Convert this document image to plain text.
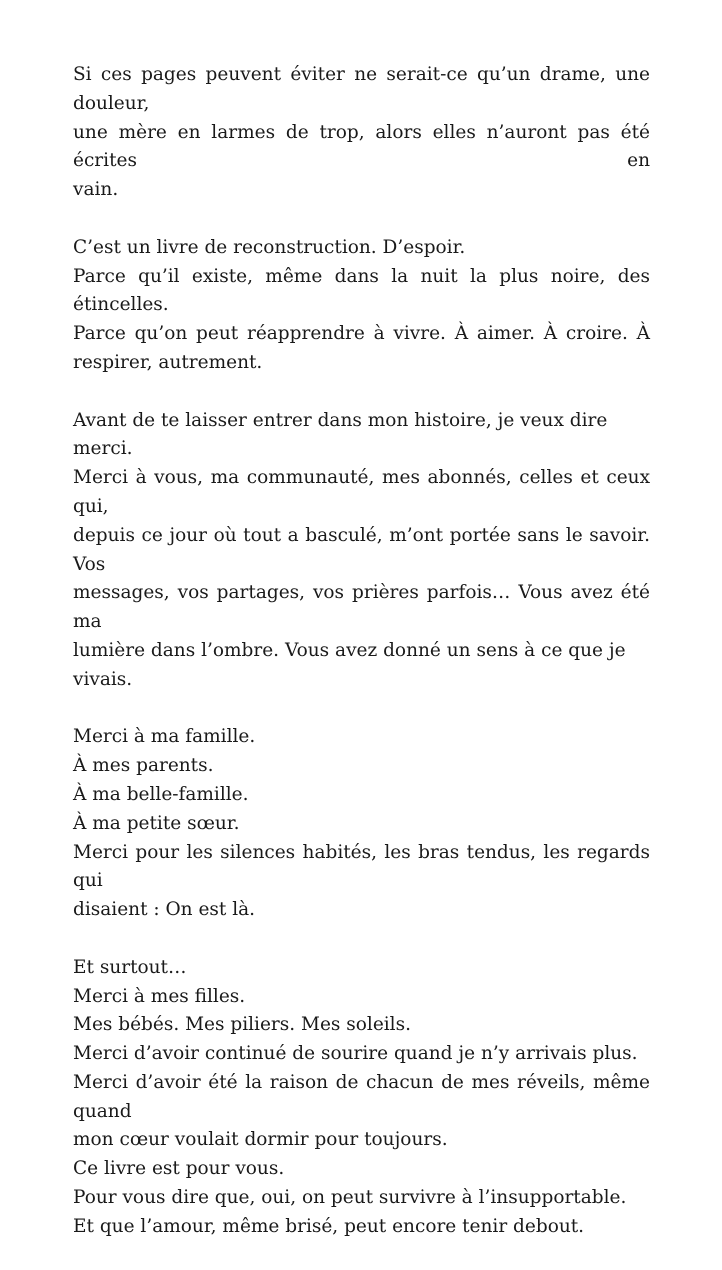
Si ces pages peuvent éviter ne serait-ce qu’un drame, une douleur,
une mère en larmes de trop, alors elles n’auront pas été écrites en
vain.
C’est un livre de reconstruction. D’espoir.
Parce qu’il existe, même dans la nuit la plus noire, des étincelles.
Parce qu’on peut réapprendre à vivre. À aimer. À croire. À
respirer, autrement.
Avant de te laisser entrer dans mon histoire, je veux dire merci.
Merci à vous, ma communauté, mes abonnés, celles et ceux qui,
depuis ce jour où tout a basculé, m’ont portée sans le savoir. Vos
messages, vos partages, vos prières parfois… Vous avez été ma
lumière dans l’ombre. Vous avez donné un sens à ce que je vivais.
Merci à ma famille.
À mes parents.
À ma belle-famille.
À ma petite sœur.
Merci pour les silences habités, les bras tendus, les regards qui
disaient : On est là.
Et surtout…
Merci à mes filles.
Mes bébés. Mes piliers. Mes soleils.
Merci d’avoir continué de sourire quand je n’y arrivais plus.
Merci d’avoir été la raison de chacun de mes réveils, même quand
mon cœur voulait dormir pour toujours.
Ce livre est pour vous.
Pour vous dire que, oui, on peut survivre à l’insupportable.
Et que l’amour, même brisé, peut encore tenir debout.
